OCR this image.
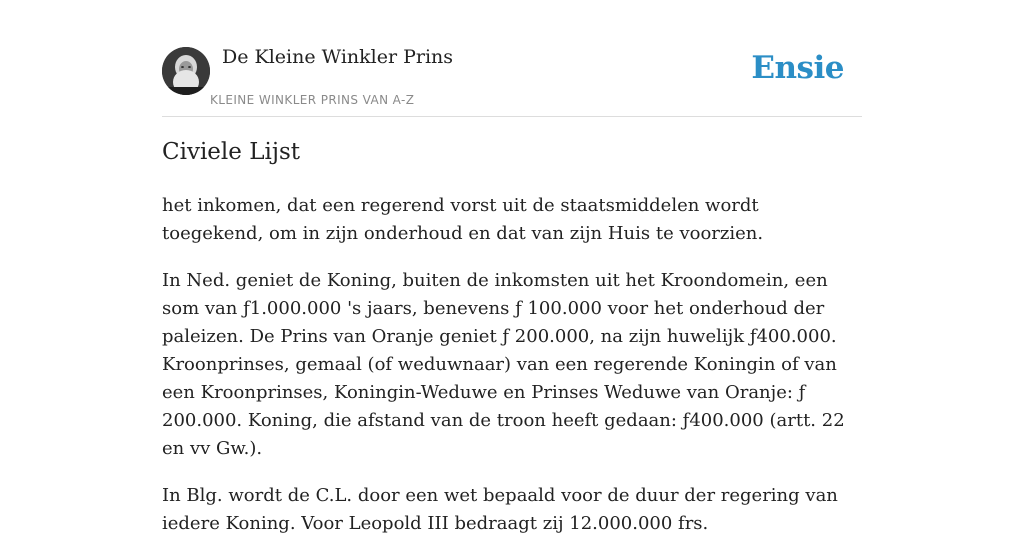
De Kleine Winkler Prins
KLEINE WINKLER PRINS VAN A-Z
Ensie
Civiele Lijst

het inkomen, dat een regerend vorst uit de staatsmiddelen wordt toegekend, om in zijn onderhoud en dat van zijn Huis te voorzien.

In Ned. geniet de Koning, buiten de inkomsten uit het Kroondomein, een som van ƒ1.000.000 's jaars, benevens ƒ 100.000 voor het onderhoud der paleizen. De Prins van Oranje geniet ƒ 200.000, na zijn huwelijk ƒ400.000. Kroonprinses, gemaal (of weduwnaar) van een regerende Koningin of van een Kroonprinses, Koningin-Weduwe en Prinses Weduwe van Oranje: ƒ 200.000. Koning, die afstand van de troon heeft gedaan: ƒ400.000 (artt. 22 en vv Gw.).

In Blg. wordt de C.L. door een wet bepaald voor de duur der regering van iedere Koning. Voor Leopold III bedraagt zij 12.000.000 frs.
